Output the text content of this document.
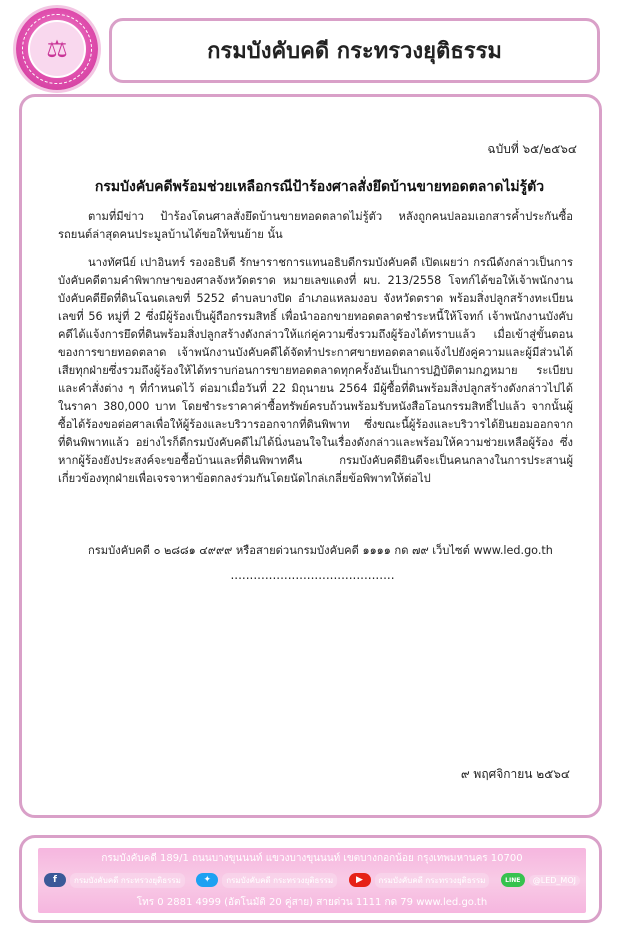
⚖	กรมบังคับคดี กระทรวงยุติธรรม
ฉบับที่ ๖๕/๒๕๖๔
กรมบังคับคดีพร้อมช่วยเหลือกรณีป้าร้องศาลสั่งยึดบ้านขายทอดตลาดไม่รู้ตัว
ตามที่มีข่าว ป้าร้องโดนศาลสั่งยึดบ้านขายทอดตลาดไม่รู้ตัว หลังถูกคนปลอมเอกสารค้ำประกันซื้อรถยนต์ล่าสุดคนประมูลบ้านได้ขอให้ขนย้าย นั้น
นางทัศนีย์ เปาอินทร์ รองอธิบดี รักษาราชการแทนอธิบดีกรมบังคับคดี เปิดเผยว่า กรณีดังกล่าวเป็นการบังคับคดีตามคำพิพากษาของศาลจังหวัดตราด หมายเลขแดงที่ ผบ. 213/2558 โจทก์ได้ขอให้เจ้าพนักงานบังคับคดียึดที่ดินโฉนดเลขที่ 5252 ตำบลบางปิด อำเภอแหลมงอบ จังหวัดตราด พร้อมสิ่งปลูกสร้างทะเบียนเลขที่ 56 หมู่ที่ 2 ซึ่งมีผู้ร้องเป็นผู้ถือกรรมสิทธิ์ เพื่อนำออกขายทอดตลาดชำระหนี้ให้โจทก์ เจ้าพนักงานบังคับคดีได้แจ้งการยึดที่ดินพร้อมสิ่งปลูกสร้างดังกล่าวให้แก่คู่ความซึ่งรวมถึงผู้ร้องได้ทราบแล้ว เมื่อเข้าสู่ขั้นตอนของการขายทอดตลาด เจ้าพนักงานบังคับคดีได้จัดทำประกาศขายทอดตลาดแจ้งไปยังคู่ความและผู้มีส่วนได้เสียทุกฝ่ายซึ่งรวมถึงผู้ร้องให้ได้ทราบก่อนการขายทอดตลาดทุกครั้งอันเป็นการปฏิบัติตามกฎหมาย ระเบียบ และคำสั่งต่าง ๆ ที่กำหนดไว้ ต่อมาเมื่อวันที่ 22 มิถุนายน 2564 มีผู้ซื้อที่ดินพร้อมสิ่งปลูกสร้างดังกล่าวไปได้ในราคา 380,000 บาท โดยชำระราคาค่าซื้อทรัพย์ครบถ้วนพร้อมรับหนังสือโอนกรรมสิทธิ์ไปแล้ว จากนั้นผู้ซื้อได้ร้องขอต่อศาลเพื่อให้ผู้ร้องและบริวารออกจากที่ดินพิพาท ซึ่งขณะนี้ผู้ร้องและบริวารได้ยินยอมออกจากที่ดินพิพาทแล้ว อย่างไรก็ดีกรมบังคับคดีไม่ได้นิ่งนอนใจในเรื่องดังกล่าวและพร้อมให้ความช่วยเหลือผู้ร้อง ซึ่งหากผู้ร้องยังประสงค์จะขอซื้อบ้านและที่ดินพิพาทคืน กรมบังคับคดียินดีจะเป็นคนกลางในการประสานผู้เกี่ยวข้องทุกฝ่ายเพื่อเจรจาหาข้อตกลงร่วมกันโดยนัดไกล่เกลี่ยข้อพิพาทให้ต่อไป
กรมบังคับคดี ๐ ๒๘๘๑ ๔๙๙๙ หรือสายด่วนกรมบังคับคดี ๑๑๑๑ กด ๗๙ เว็บไซต์ www.led.go.th
...........................................
๙ พฤศจิกายน ๒๕๖๔
กรมบังคับคดี 189/1 ถนนบางขุนนนท์ แขวงบางขุนนนท์ เขตบางกอกน้อย กรุงเทพมหานคร 10700
f	กรมบังคับคดี กระทรวงยุติธรรม	✦	กรมบังคับคดี กระทรวงยุติธรรม	▶	กรมบังคับคดี กระทรวงยุติธรรม	LINE	@LED_MOJ
โทร 0 2881 4999 (อัตโนมัติ 20 คู่สาย) สายด่วน 1111 กด 79 www.led.go.th
